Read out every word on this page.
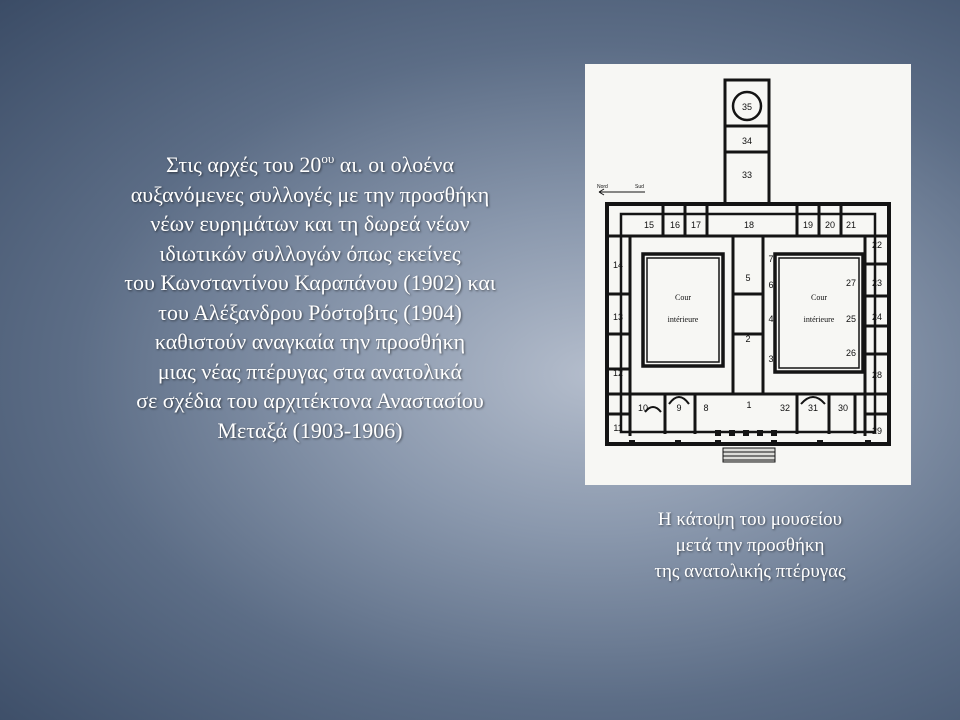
Στις αρχές του $20^{o\upsilon}$ αι. οι ολοένα
αυξανόμενες συλλογές με την προσθήκη
νέων ευρημάτων και τη δωρεά νέων
ιδιωτικών συλλογών όπως εκείνες
του Κωνσταντίνου Καραπάνου (1902) και
του Αλέξανδρου Ρόστοβιτς (1904)
καθιστούν αναγκαία την προσθήκη
μιας νέας πτέρυγας στα ανατολικά
σε σχέδια του αρχιτέκτονα Αναστασίου
Μεταξά (1903-1906)
Nord	Sud
Cour
intérieure
Cour
intérieure
35
34
33
15 16 17	18	19 20 21
14
13
12
11
22
23
24
25
26
27
28
29
10	9 8	1	32 31 30
5
2
7
6
4
3
Η κάτοψη του μουσείου
μετά την προσθήκη
της ανατολικής πτέρυγας
